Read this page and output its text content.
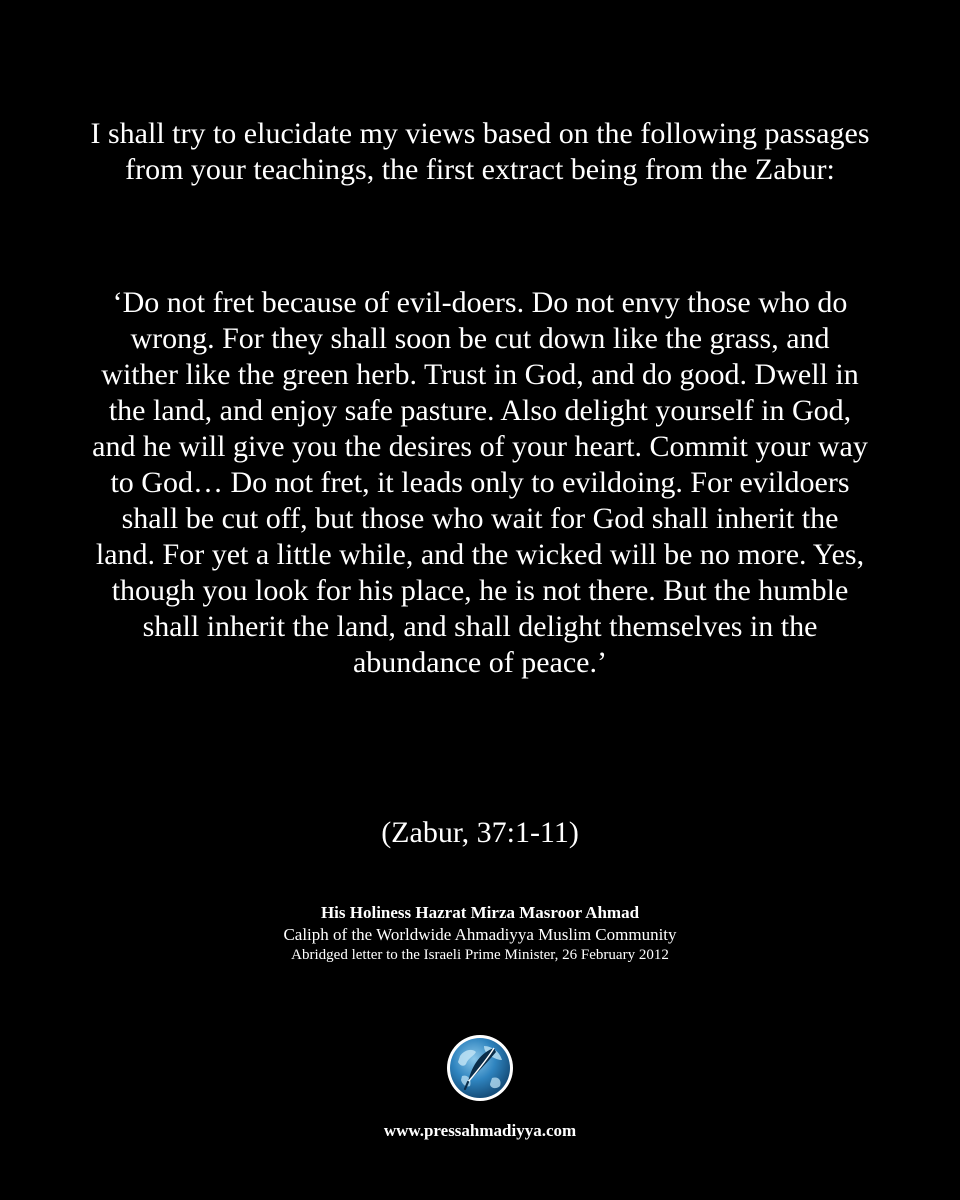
I shall try to elucidate my views based on the following passages from your teachings, the first extract being from the Zabur:

‘Do not fret because of evil-doers. Do not envy those who do wrong. For they shall soon be cut down like the grass, and wither like the green herb. Trust in God, and do good. Dwell in the land, and enjoy safe pasture. Also delight yourself in God, and he will give you the desires of your heart. Commit your way to God… Do not fret, it leads only to evildoing. For evildoers shall be cut off, but those who wait for God shall inherit the land. For yet a little while, and the wicked will be no more. Yes, though you look for his place, he is not there. But the humble shall inherit the land, and shall delight themselves in the abundance of peace.’

(Zabur, 37:1-11)

His Holiness Hazrat Mirza Masroor Ahmad
Caliph of the Worldwide Ahmadiyya Muslim Community
Abridged letter to the Israeli Prime Minister, 26 February 2012
www.pressahmadiyya.com
